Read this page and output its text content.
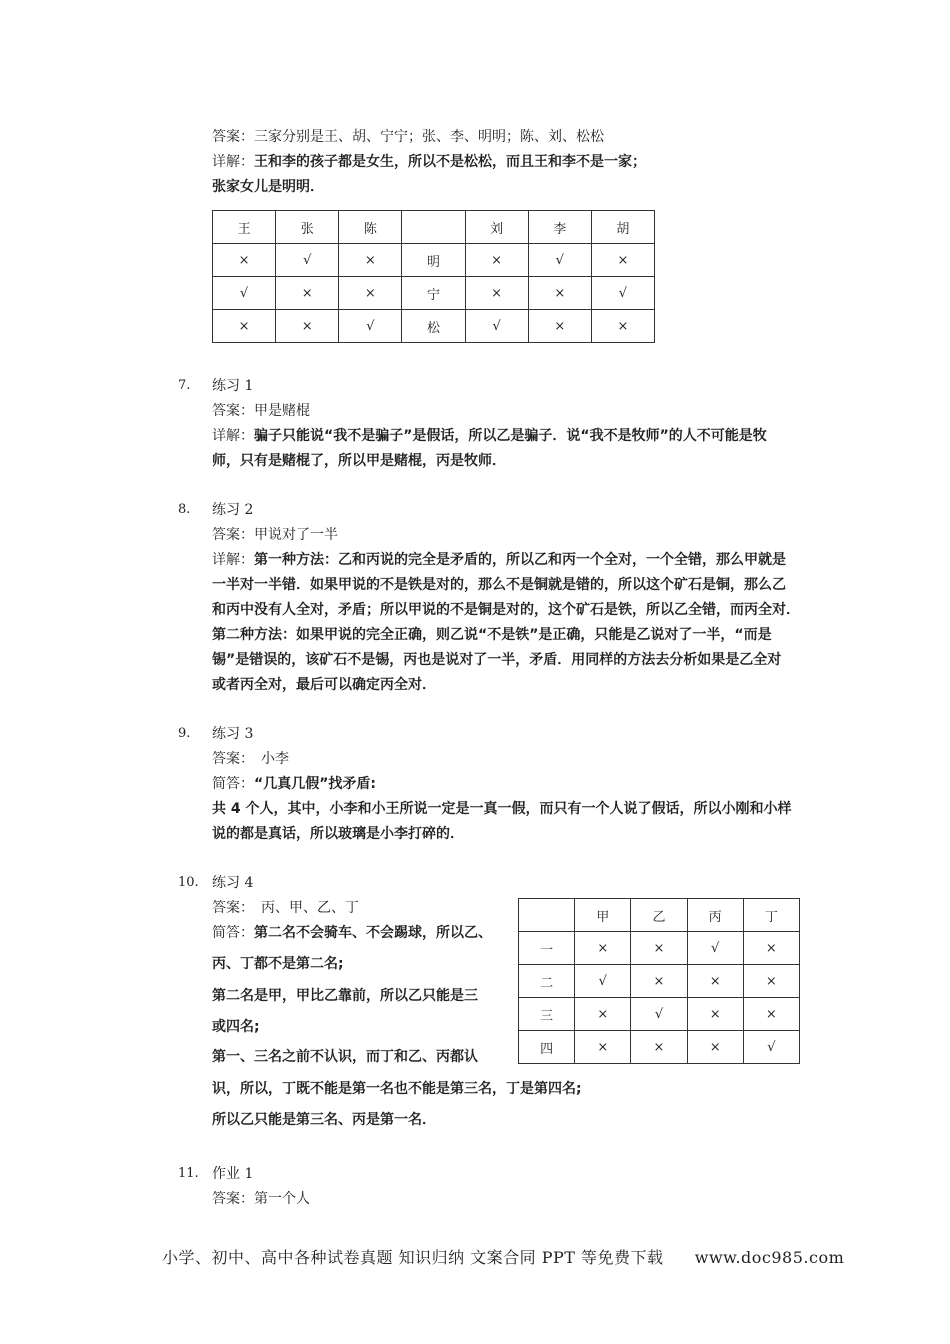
答案：三家分别是王、胡、宁宁；张、李、明明；陈、刘、松松
详解：王和李的孩子都是女生，所以不是松松，而且王和李不是一家；
张家女儿是明明．
王	张	陈		刘	李	胡
×	√	×	明	×	√	×
√	×	×	宁	×	×	√
×	×	√	松	√	×	×
7. 练习 1
答案：甲是赌棍
详解：骗子只能说“我不是骗子”是假话，所以乙是骗子．说“我不是牧师”的人不可能是牧
师，只有是赌棍了，所以甲是赌棍，丙是牧师．
8. 练习 2
答案：甲说对了一半
详解：第一种方法：乙和丙说的完全是矛盾的，所以乙和丙一个全对，一个全错，那么甲就是
一半对一半错．如果甲说的不是铁是对的，那么不是铜就是错的，所以这个矿石是铜，那么乙
和丙中没有人全对，矛盾；所以甲说的不是铜是对的，这个矿石是铁，所以乙全错，而丙全对．
第二种方法：如果甲说的完全正确，则乙说“不是铁”是正确，只能是乙说对了一半，“而是
锡”是错误的，该矿石不是锡，丙也是说对了一半，矛盾．用同样的方法去分析如果是乙全对
或者丙全对，最后可以确定丙全对．
9. 练习 3
答案：　小李
简答：“几真几假”找矛盾:
共 4 个人，其中，小李和小王所说一定是一真一假，而只有一个人说了假话，所以小刚和小样
说的都是真话，所以玻璃是小李打碎的．
10. 练习 4
答案：　丙、甲、乙、丁
简答：第二名不会骑车、不会踢球，所以乙、
丙、丁都不是第二名;
第二名是甲，甲比乙靠前，所以乙只能是三
或四名;
第一、三名之前不认识，而丁和乙、丙都认
识，所以，丁既不能是第一名也不能是第三名，丁是第四名;
所以乙只能是第三名、丙是第一名．
	甲	乙	丙	丁
一	×	×	√	×
二	√	×	×	×
三	×	√	×	×
四	×	×	×	√
11. 作业 1
答案：第一个人
小学、初中、高中各种试卷真题 知识归纳 文案合同 PPT 等免费下载 www.doc985.com
